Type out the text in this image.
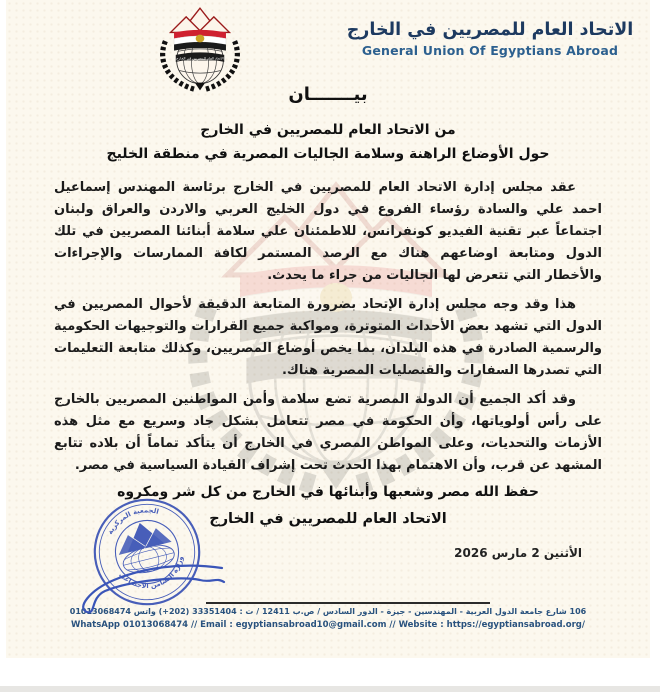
الاتحاد العام للمصريين في الخارج
الاتحاد العام للمصريين في الخارج
General Union Of Egyptians Abroad
بيـــــــان
من الاتحاد العام للمصريين في الخارج
حول الأوضاع الراهنة وسلامة الجاليات المصرية في منطقة الخليج

عقد مجلس إدارة الاتحاد العام للمصريين في الخارج برئاسة المهندس إسماعيل احمد علي والسادة رؤساء الفروع في دول الخليج العربي والاردن والعراق ولبنان اجتماعاً عبر تقنية الفيديو كونفرانس، للاطمئنان علي سلامة أبنائنا المصريين في تلك الدول ومتابعة اوضاعهم هناك مع الرصد المستمر لكافة الممارسات والإجراءات والأخطار التي تتعرض لها الجاليات من جراء ما يحدث.

هذا وقد وجه مجلس إدارة الإتحاد بضرورة المتابعة الدقيقة لأحوال المصريين في الدول التي تشهد بعض الأحداث المتوترة، ومواكبة جميع القرارات والتوجيهات الحكومية والرسمية الصادرة في هذه البلدان، بما يخص أوضاع المصريين، وكذلك متابعة التعليمات التي تصدرها السفارات والقنصليات المصرية هناك.

وقد أكد الجميع أن الدولة المصرية تضع سلامة وأمن المواطنين المصريين بالخارج على رأس أولوياتها، وأن الحكومة في مصر تتعامل بشكل جاد وسريع مع مثل هذه الأزمات والتحديات، وعلى المواطن المصري في الخارج أن يتأكد تماماً أن بلاده تتابع المشهد عن قرب، وأن الاهتمام بهذا الحدث تحت إشراف القيادة السياسية في مصر.

حفظ الله مصر وشعبها وأبنائها في الخارج من كل شر ومكروه
الاتحاد العام للمصريين في الخارج
الأثنين 2 مارس 2026
الجمعية المركزية
وزارة التضامن الاجتماعي
106 شارع جامعة الدول العربية - المهندسين - جيزة - الدور السادس / ص.ب 12411 / ت : 33351404 (202+) واتس 01013068474
WhatsApp 01013068474 // Email : egyptiansabroad10@gmail.com // Website : https://egyptiansabroad.org/
